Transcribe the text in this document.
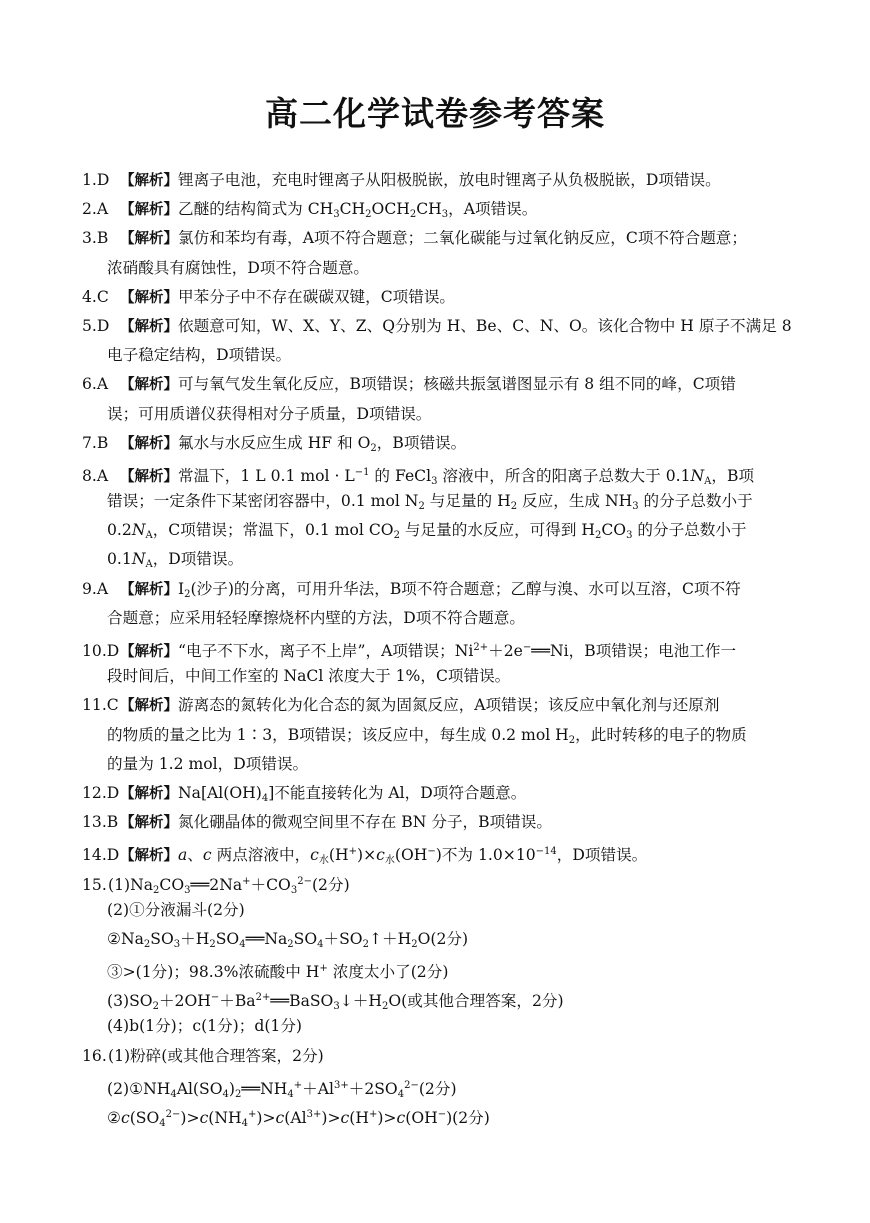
高二化学试卷参考答案
1.D 【解析】锂离子电池，充电时锂离子从阳极脱嵌，放电时锂离子从负极脱嵌，D项错误。
2.A 【解析】乙醚的结构简式为 $CH_3CH_2OCH_2CH_3$，A项错误。
3.B 【解析】氯仿和苯均有毒，A项不符合题意；二氧化碳能与过氧化钠反应，C项不符合题意；
浓硝酸具有腐蚀性，D项不符合题意。
4.C 【解析】甲苯分子中不存在碳碳双键，C项错误。
5.D 【解析】依题意可知，W、X、Y、Z、Q分别为 H、Be、C、N、O。该化合物中 H 原子不满足 8
电子稳定结构，D项错误。
6.A 【解析】可与氧气发生氧化反应，B项错误；核磁共振氢谱图显示有 8 组不同的峰，C项错
误；可用质谱仪获得相对分子质量，D项错误。
7.B 【解析】氟水与水反应生成 HF 和 $O_2$，B项错误。
8.A 【解析】常温下，1 L 0.1 mol · $L^{-1}$ 的 FeCl$_3$ 溶液中，所含的阳离子总数大于 $0.1N_A$，B项
错误；一定条件下某密闭容器中，0.1 mol $N_2$ 与足量的 $H_2$ 反应，生成 $NH_3$ 的分子总数小于
$0.2N_A$，C项错误；常温下，0.1 mol $CO_2$ 与足量的水反应，可得到 $H_2CO_3$ 的分子总数小于
$0.1N_A$，D项错误。
9.A 【解析】$I_2$(沙子)的分离，可用升华法，B项不符合题意；乙醇与溴、水可以互溶，C项不符
合题意；应采用轻轻摩擦烧杯内壁的方法，D项不符合题意。
10.D【解析】“电子不下水，离子不上岸”，A项错误；$Ni^{2+}+2e^-══Ni$，B项错误；电池工作一
段时间后，中间工作室的 NaCl 浓度大于 1%，C项错误。
11.C【解析】游离态的氮转化为化合态的氮为固氮反应，A项错误；该反应中氧化剂与还原剂
的物质的量之比为 1∶3，B项错误；该反应中，每生成 0.2 mol $H_2$，此时转移的电子的物质
的量为 1.2 mol，D项错误。
12.D【解析】$Na[Al(OH)_4]$不能直接转化为 Al，D项符合题意。
13.B 【解析】氮化硼晶体的微观空间里不存在 BN 分子，B项错误。
14.D【解析】a、c 两点溶液中，$c_水(H^+)\times c_水(OH^-)$不为 $1.0\times 10^{-14}$，D项错误。
$15.(1)Na_2CO_3══2Na^++CO_3^{2-}(2$分)
(2)①分液漏斗(2分)
$②Na_2SO_3+H_2SO_4══Na_2SO_4+SO_2↑+H_2O(2$分)
③>(1分)；98.3%浓硫酸中 H+ 浓度太小了(2分)
$(3)SO_2+2OH^-+Ba^{2+}══BaSO_3↓+H_2O$(或其他合理答案，2分)
(4)b(1分)；c(1分)；d(1分)
16.(1)粉碎(或其他合理答案，2分)
$(2)①NH_4Al(SO_4)_2══NH_4^++Al^{3+}+2SO_4^{2-}(2$分)
$②c(SO_4^{2-})>c(NH_4^+)>c(Al^{3+})>c(H^+)>c(OH^-)(2$分)
